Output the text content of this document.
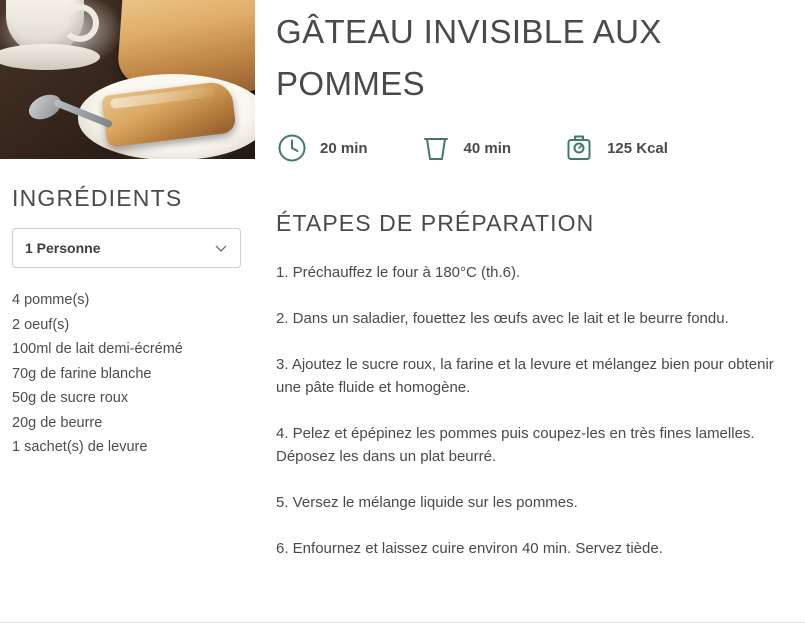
INGRÉDIENTS
1 Personne
4 pomme(s)
2 oeuf(s)
100ml de lait demi-écrémé
70g de farine blanche
50g de sucre roux
20g de beurre
1 sachet(s) de levure
GÂTEAU INVISIBLE AUX POMMES
20 min	40 min	125 Kcal
ÉTAPES DE PRÉPARATION
1. Préchauffez le four à 180°C (th.6).
2. Dans un saladier, fouettez les œufs avec le lait et le beurre fondu.
3. Ajoutez le sucre roux, la farine et la levure et mélangez bien pour obtenir une pâte fluide et homogène.
4. Pelez et épépinez les pommes puis coupez-les en très fines lamelles. Déposez les dans un plat beurré.
5. Versez le mélange liquide sur les pommes.
6. Enfournez et laissez cuire environ 40 min. Servez tiède.
